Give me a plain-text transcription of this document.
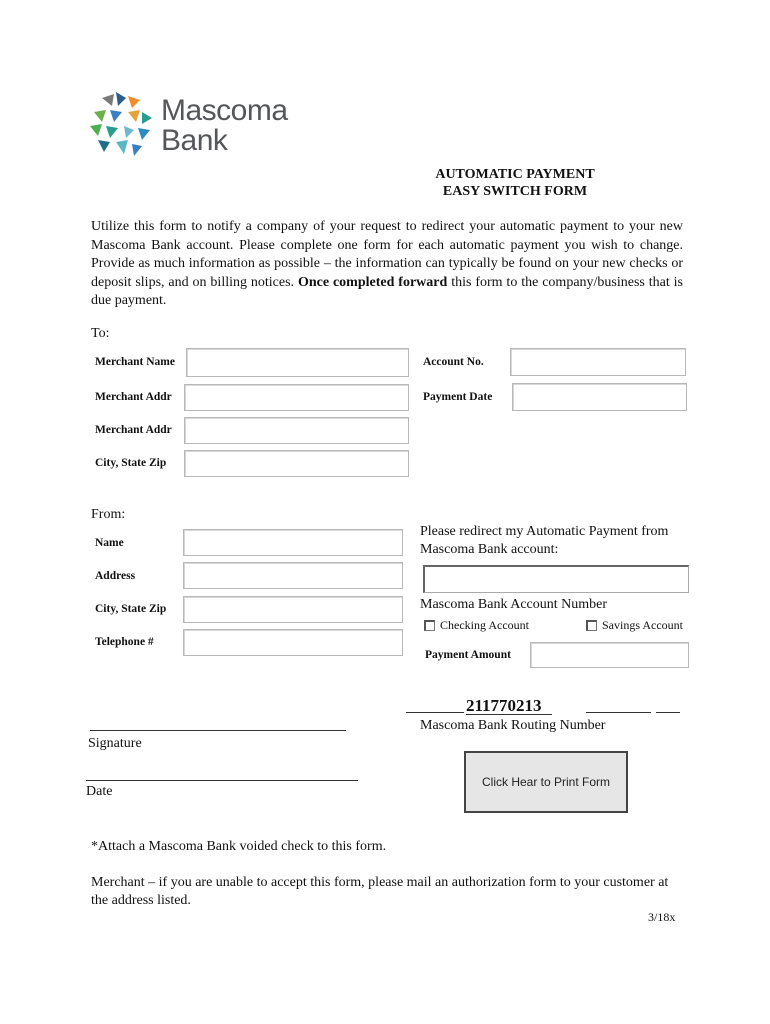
Mascoma
Bank
AUTOMATIC PAYMENT
EASY SWITCH FORM
Utilize this form to notify a company of your request to redirect your automatic payment to your new Mascoma Bank account. Please complete one form for each automatic payment you wish to change. Provide as much information as possible – the information can typically be found on your new checks or deposit slips, and on billing notices. Once completed forward this form to the company/business that is due payment.
To:
Merchant Name
Merchant Addr
Merchant Addr
City, State Zip
Account No.
Payment Date
From:
Name
Address
City, State Zip
Telephone #
Please redirect my Automatic Payment from
Mascoma Bank account:
Mascoma Bank Account Number
Checking Account	Savings Account
Payment Amount
211770213
Mascoma Bank Routing Number
Signature
Date
Click Hear to Print Form
*Attach a Mascoma Bank voided check to this form.
Merchant – if you are unable to accept this form, please mail an authorization form to your customer at the address listed.
3/18x
